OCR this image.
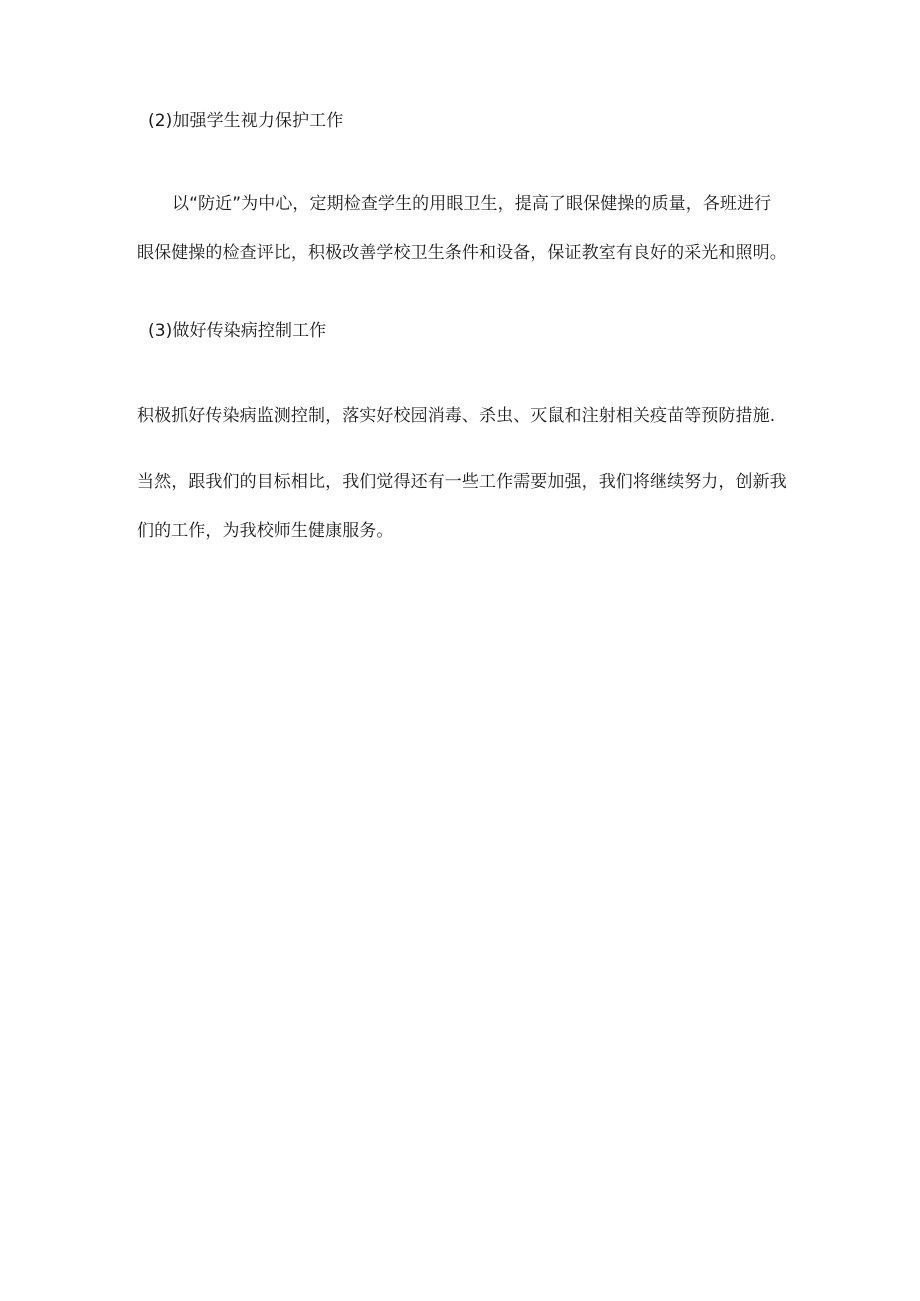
(2)加强学生视力保护工作

以“防近”为中心，定期检查学生的用眼卫生，提高了眼保健操的质量，各班进行

眼保健操的检查评比，积极改善学校卫生条件和设备，保证教室有良好的采光和照明。

(3)做好传染病控制工作

积极抓好传染病监测控制，落实好校园消毒、杀虫、灭鼠和注射相关疫苗等预防措施.

当然，跟我们的目标相比，我们觉得还有一些工作需要加强，我们将继续努力，创新我

们的工作，为我校师生健康服务。
